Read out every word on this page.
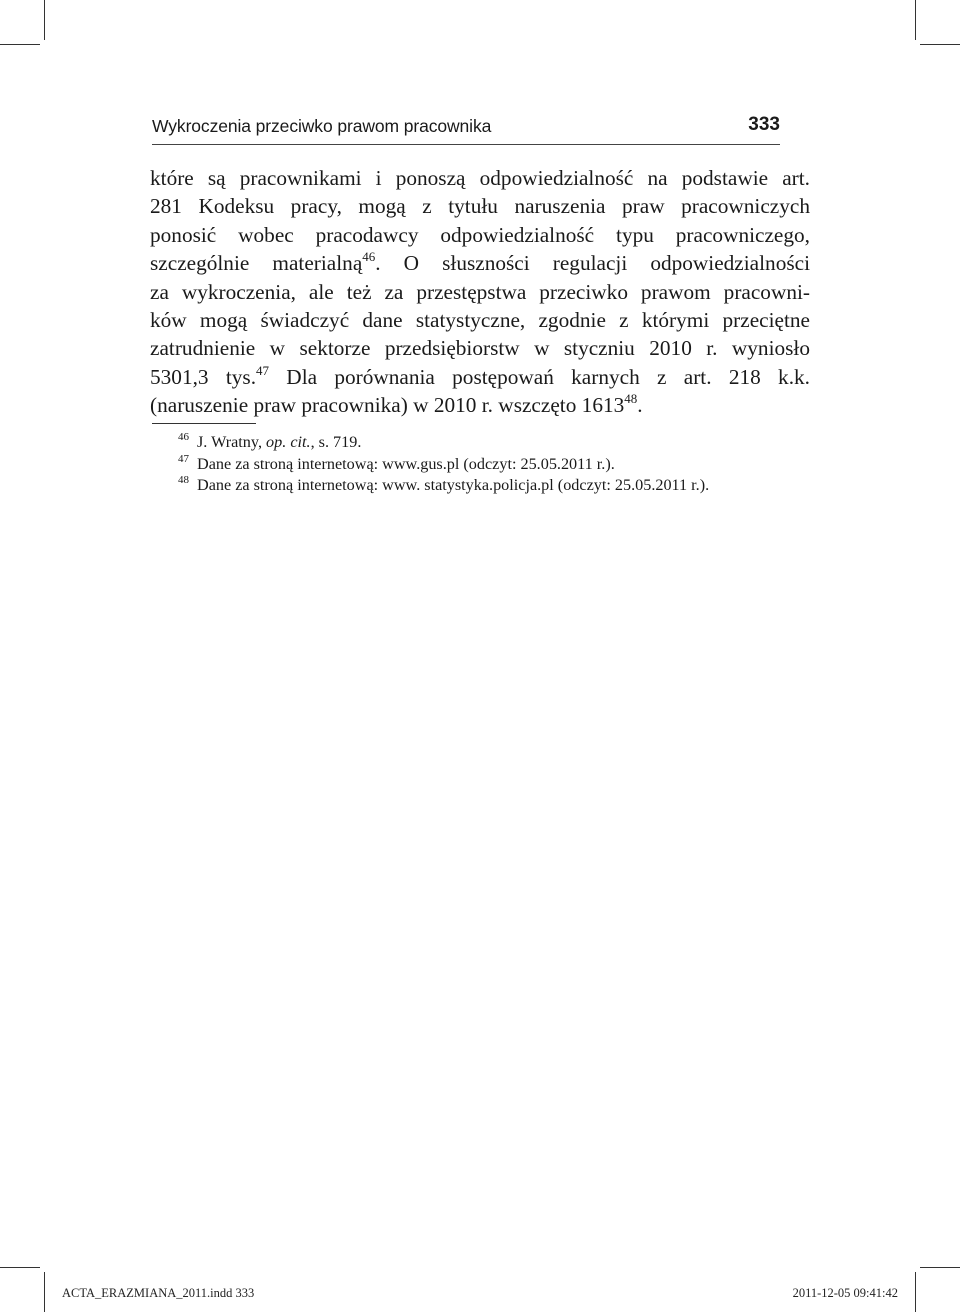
Wykroczenia przeciwko prawom pracownika	333
które są pracownikami i ponoszą odpowiedzialność na podstawie art.
281 Kodeksu pracy, mogą z tytułu naruszenia praw pracowniczych
ponosić wobec pracodawcy odpowiedzialność typu pracowniczego,
szczególnie materialną$^{46}$. O słuszności regulacji odpowiedzialności
za wykroczenia, ale też za przestępstwa przeciwko prawom pracowni-
ków mogą świadczyć dane statystyczne, zgodnie z którymi przeciętne
zatrudnienie w sektorze przedsiębiorstw w styczniu 2010 r. wyniosło
5301,3 tys.$^{47}$ Dla porównania postępowań karnych z art. 218 k.k.
(naruszenie praw pracownika) w 2010 r. wszczęto 1613$^{48}$.
$^{46}$ J. Wratny, op. cit., s. 719.
$^{47}$ Dane za stroną internetową: www.gus.pl (odczyt: 25.05.2011 r.).
$^{48}$ Dane za stroną internetową: www. statystyka.policja.pl (odczyt: 25.05.2011 r.).
ACTA_ERAZMIANA_2011.indd 333	2011-12-05 09:41:42
